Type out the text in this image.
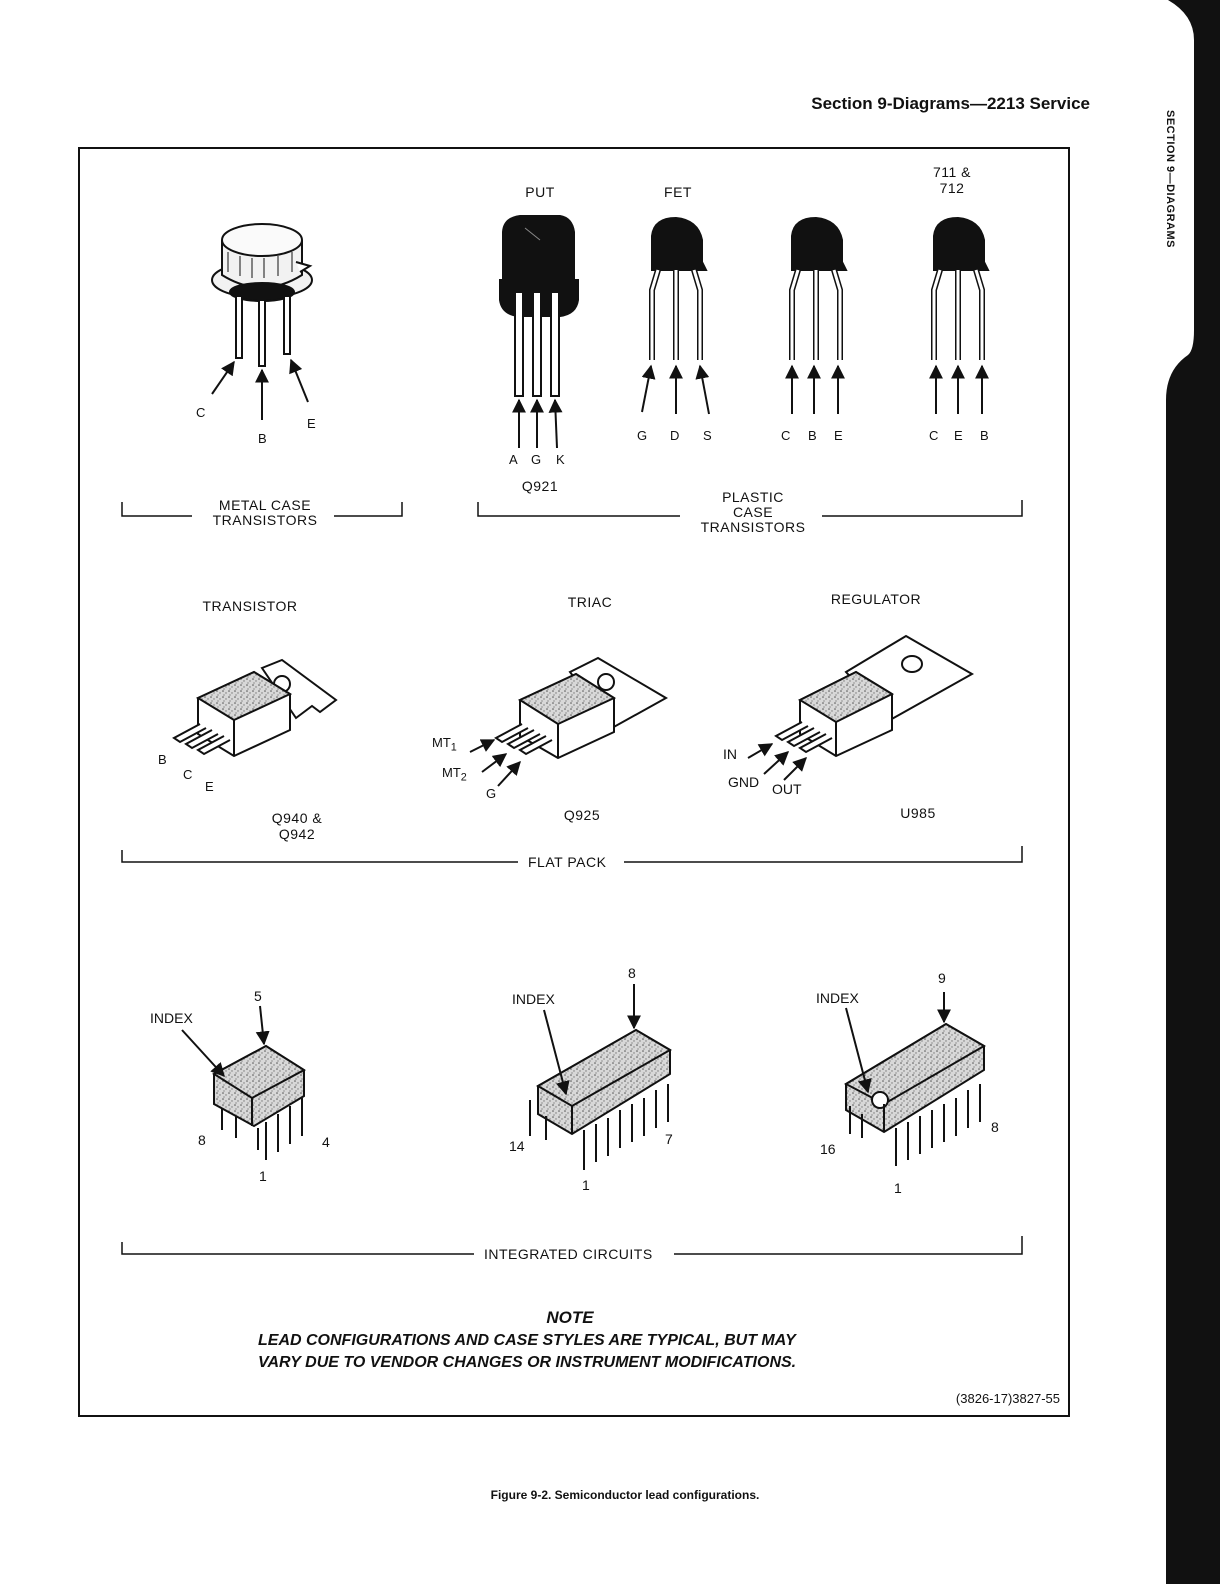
Section 9-Diagrams—2213 Service
SECTION 9—DIAGRAMS
C
B
E
METAL CASE
TRANSISTORS
PUT
A G K
Q921
FET
G D S	C B E
711 &
712
C E B
PLASTIC
CASE
TRANSISTORS
TRANSISTOR
B
C
E
Q940 &
Q942
TRIAC
$MT_1$
$MT_2$
G
Q925
REGULATOR
IN
GND OUT
U985
FLAT PACK
INDEX
5
8	4
1
INDEX
8
14	7
1
INDEX
9
16
8
1
INTEGRATED CIRCUITS
NOTE
LEAD CONFIGURATIONS AND CASE STYLES ARE TYPICAL, BUT MAY
VARY DUE TO VENDOR CHANGES OR INSTRUMENT MODIFICATIONS.
(3826-17)3827-55
Figure 9-2. Semiconductor lead configurations.
